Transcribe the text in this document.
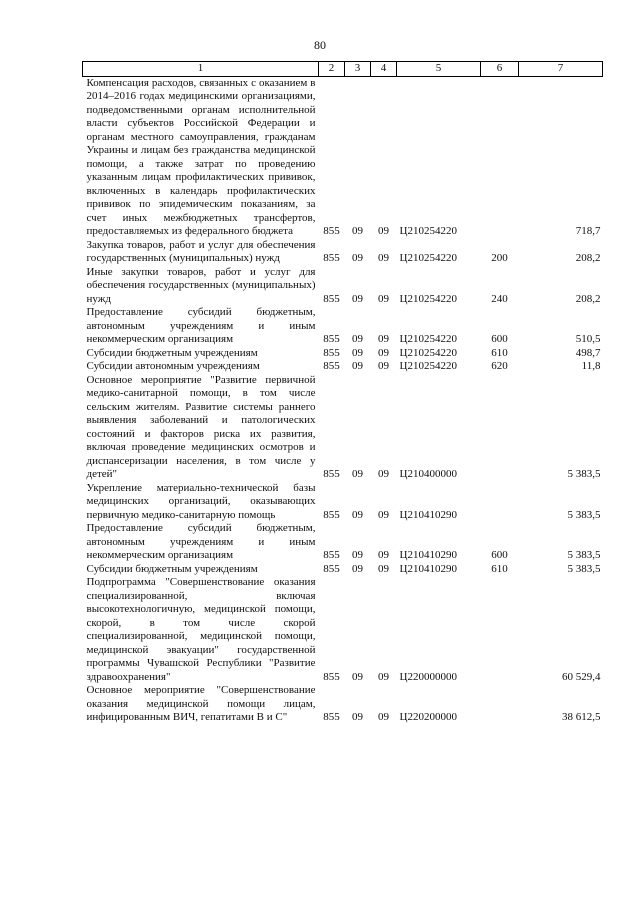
80
1	2	3	4	5	6	7
Компенсация расходов, связанных с оказанием в 2014–2016 годах медицинскими организациями, подведомственными органам исполнительной власти субъектов Российской Федерации и органам местного самоуправления, гражданам Украины и лицам без гражданства медицинской помощи, а также затрат по проведению указанным лицам профилактических прививок, включенных в календарь профилактических прививок по эпидемическим показаниям, за счет иных межбюджетных трансфертов, предоставляемых из федерального бюджета	855	09	09	Ц210254220		718,7
Закупка товаров, работ и услуг для обеспечения государственных (муниципальных) нужд	855	09	09	Ц210254220	200	208,2
Иные закупки товаров, работ и услуг для обеспечения государственных (муниципальных) нужд	855	09	09	Ц210254220	240	208,2
Предоставление субсидий бюджетным, автономным учреждениям и иным некоммерческим организациям	855	09	09	Ц210254220	600	510,5
Субсидии бюджетным учреждениям	855	09	09	Ц210254220	610	498,7
Субсидии автономным учреждениям	855	09	09	Ц210254220	620	11,8
Основное мероприятие "Развитие первичной медико-санитарной помощи, в том числе сельским жителям. Развитие системы раннего выявления заболеваний и патологических состояний и факторов риска их развития, включая проведение медицинских осмотров и диспансеризации населения, в том числе у детей"	855	09	09	Ц210400000		5 383,5
Укрепление материально-технической базы медицинских организаций, оказывающих первичную медико-санитарную помощь	855	09	09	Ц210410290		5 383,5
Предоставление субсидий бюджетным, автономным учреждениям и иным некоммерческим организациям	855	09	09	Ц210410290	600	5 383,5
Субсидии бюджетным учреждениям	855	09	09	Ц210410290	610	5 383,5
Подпрограмма "Совершенствование оказания специализированной, включая высокотехнологичную, медицинской помощи, скорой, в том числе скорой специализированной, медицинской помощи, медицинской эвакуации" государственной программы Чувашской Республики "Развитие здравоохранения"	855	09	09	Ц220000000		60 529,4
Основное мероприятие "Совершенствование оказания медицинской помощи лицам, инфицированным ВИЧ, гепатитами B и C"	855	09	09	Ц220200000		38 612,5
